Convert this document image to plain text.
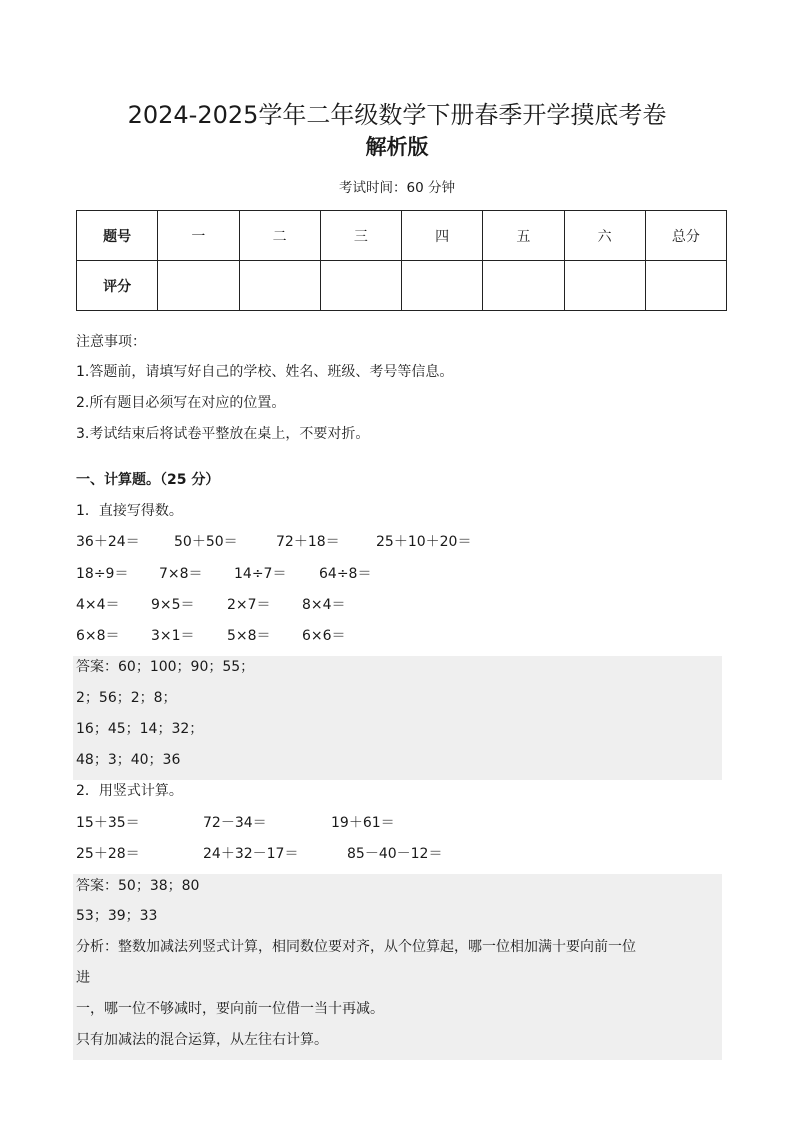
2024-2025学年二年级数学下册春季开学摸底考卷
解析版
考试时间：60 分钟
题号	一	二	三	四	五	六	总分
评分							
注意事项：
1.答题前，请填写好自己的学校、姓名、班级、考号等信息。
2.所有题目必须写在对应的位置。
3.考试结束后将试卷平整放在桌上，不要对折。
一、计算题。（25 分）
1．直接写得数。
36＋24＝ 50＋50＝	72＋18＝	25＋10＋20＝
18÷9＝ 7×8＝ 14÷7＝ 64÷8＝
4×4＝ 9×5＝ 2×7＝ 8×4＝
6×8＝ 3×1＝ 5×8＝ 6×6＝
答案：60；100；90；55；
2；56；2；8；
16；45；14；32；
48；3；40；36
2．用竖式计算。
15＋35＝	72－34＝	19＋61＝
25＋28＝	24＋32－17＝	85－40－12＝
答案：50；38；80
53；39；33
分析：整数加减法列竖式计算，相同数位要对齐，从个位算起，哪一位相加满十要向前一位
进
一，哪一位不够减时，要向前一位借一当十再减。
只有加减法的混合运算，从左往右计算。
